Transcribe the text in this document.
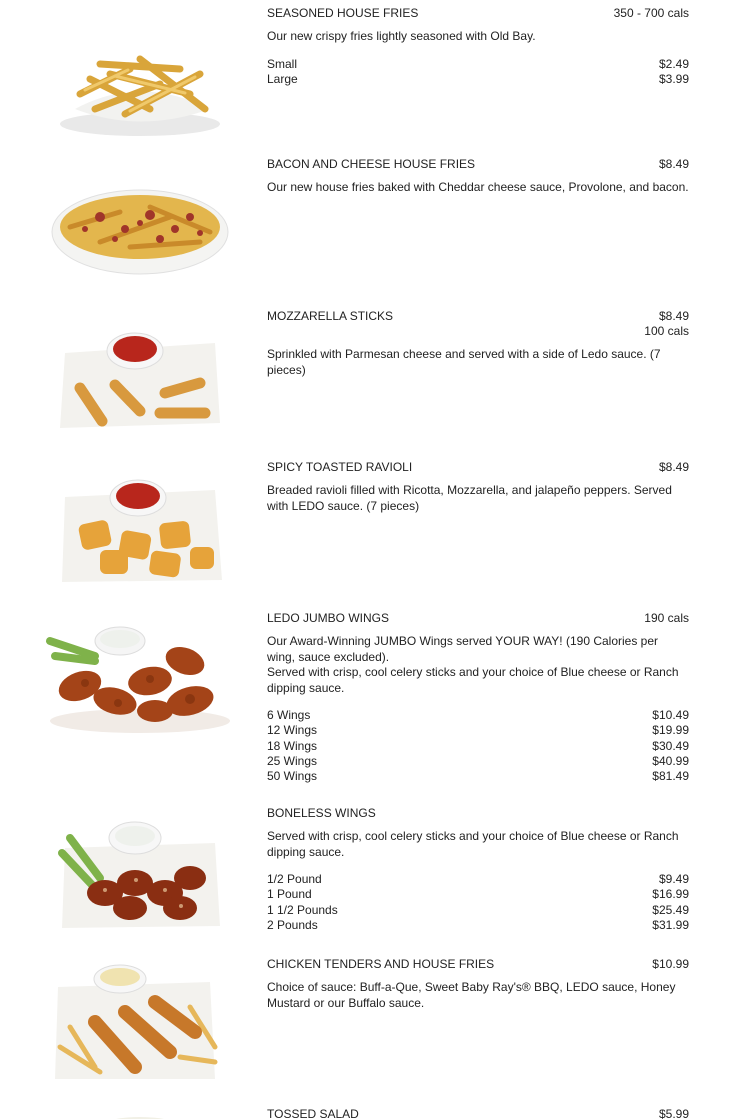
SEASONED HOUSE FRIES	350 - 700 cals
Our new crispy fries lightly seasoned with Old Bay.
Small	$2.49
Large	$3.99
BACON AND CHEESE HOUSE FRIES	$8.49
Our new house fries baked with Cheddar cheese sauce, Provolone, and bacon.
MOZZARELLA STICKS	$8.49
100 cals
Sprinkled with Parmesan cheese and served with a side of Ledo sauce. (7 pieces)
SPICY TOASTED RAVIOLI	$8.49
Breaded ravioli filled with Ricotta, Mozzarella, and jalapeño peppers. Served with LEDO sauce. (7 pieces)
LEDO JUMBO WINGS	190 cals
Our Award-Winning JUMBO Wings served YOUR WAY! (190 Calories per wing, sauce excluded).
Served with crisp, cool celery sticks and your choice of Blue cheese or Ranch dipping sauce.
6 Wings	$10.49
12 Wings	$19.99
18 Wings	$30.49
25 Wings	$40.99
50 Wings	$81.49
BONELESS WINGS
Served with crisp, cool celery sticks and your choice of Blue cheese or Ranch dipping sauce.
1/2 Pound	$9.49
1 Pound	$16.99
1 1/2 Pounds	$25.49
2 Pounds	$31.99
CHICKEN TENDERS AND HOUSE FRIES	$10.99
Choice of sauce: Buff-a-Que, Sweet Baby Ray's® BBQ, LEDO sauce, Honey Mustard or our Buffalo sauce.
TOSSED SALAD	$5.99
